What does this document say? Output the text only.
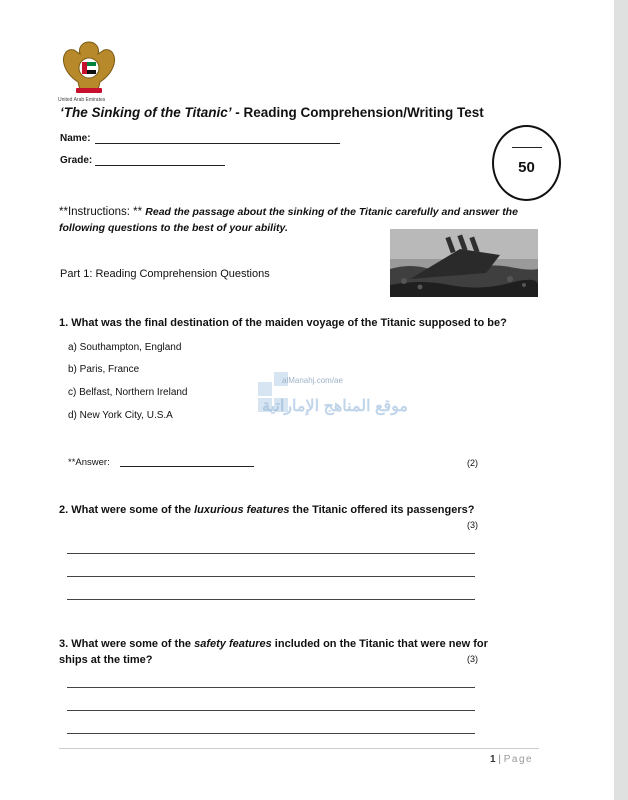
United Arab Emirates
‘The Sinking of the Titanic’ - Reading Comprehension/Writing Test
Name:
Grade:	50
**Instructions: ** Read the passage about the sinking of the Titanic carefully and answer the following questions to the best of your ability.
Part 1: Reading Comprehension Questions
1. What was the final destination of the maiden voyage of the Titanic supposed to be?
a) Southampton, England
b) Paris, France
c) Belfast, Northern Ireland
d) New York City, U.S.A
alManahj.com/ae
موقع المناهج الإماراتية
**Answer:	(2)
2. What were some of the luxurious features the Titanic offered its passengers?
(3)
3. What were some of the safety features included on the Titanic that were new for
ships at the time?	(3)
1 | Page
